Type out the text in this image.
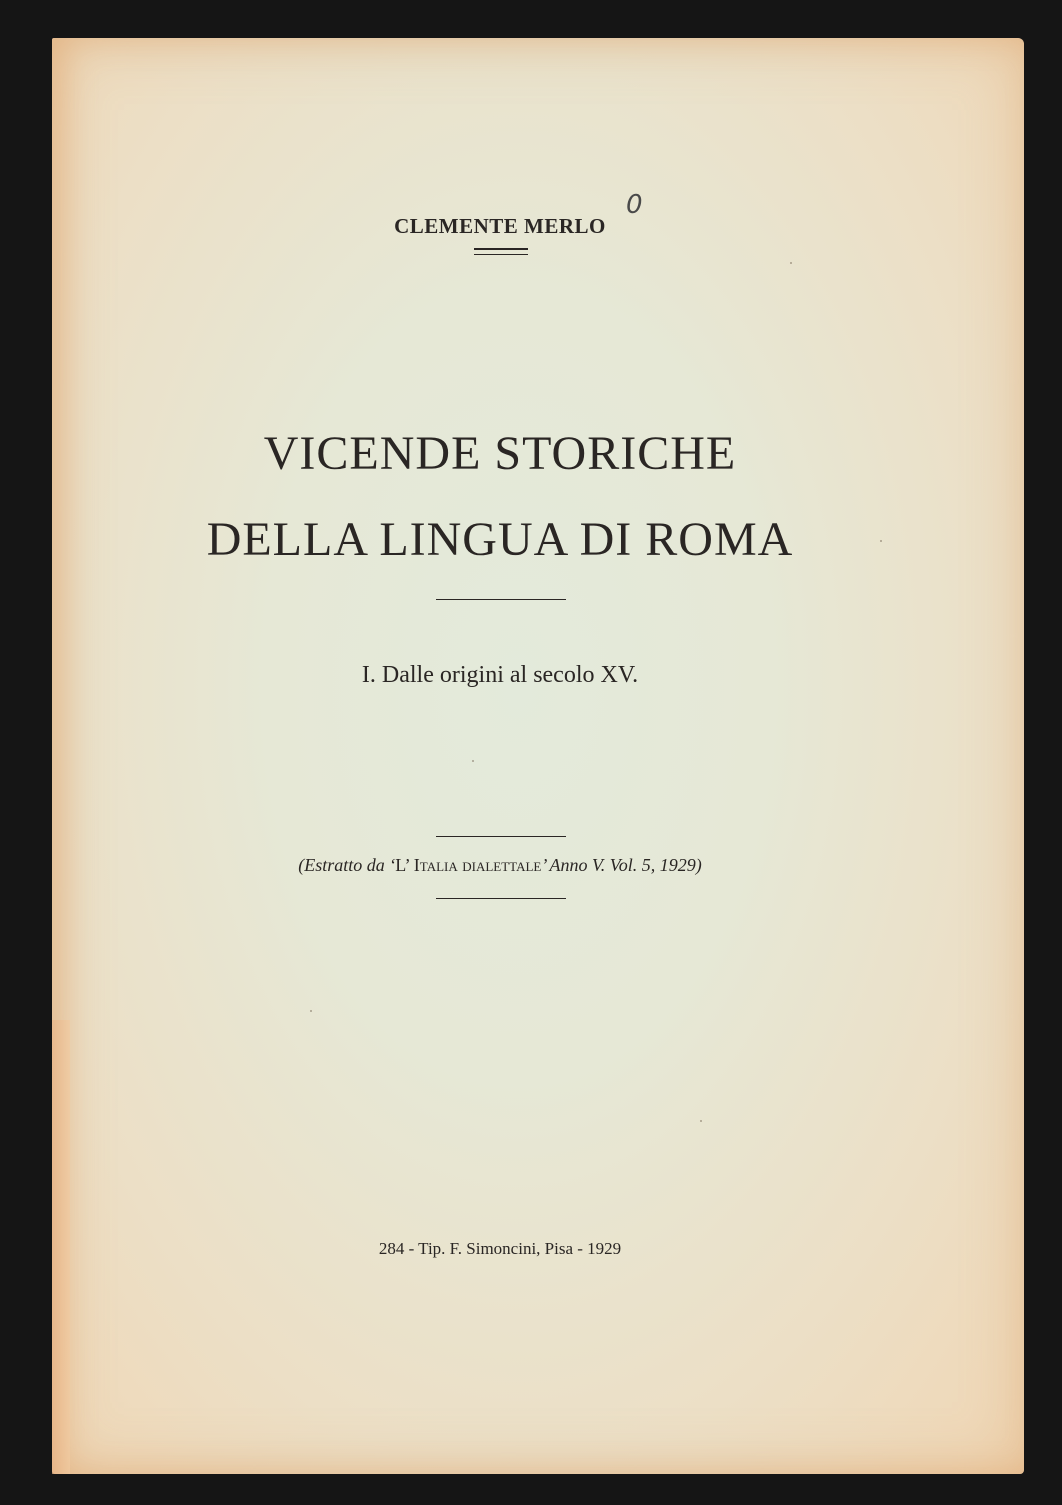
CLEMENTE MERLO
0
VICENDE STORICHE
DELLA LINGUA DI ROMA
I. Dalle origini al secolo XV.
(Estratto da ‘L’ Italia dialettale’ Anno V. Vol. 5, 1929)
284 - Tip. F. Simoncini, Pisa - 1929
